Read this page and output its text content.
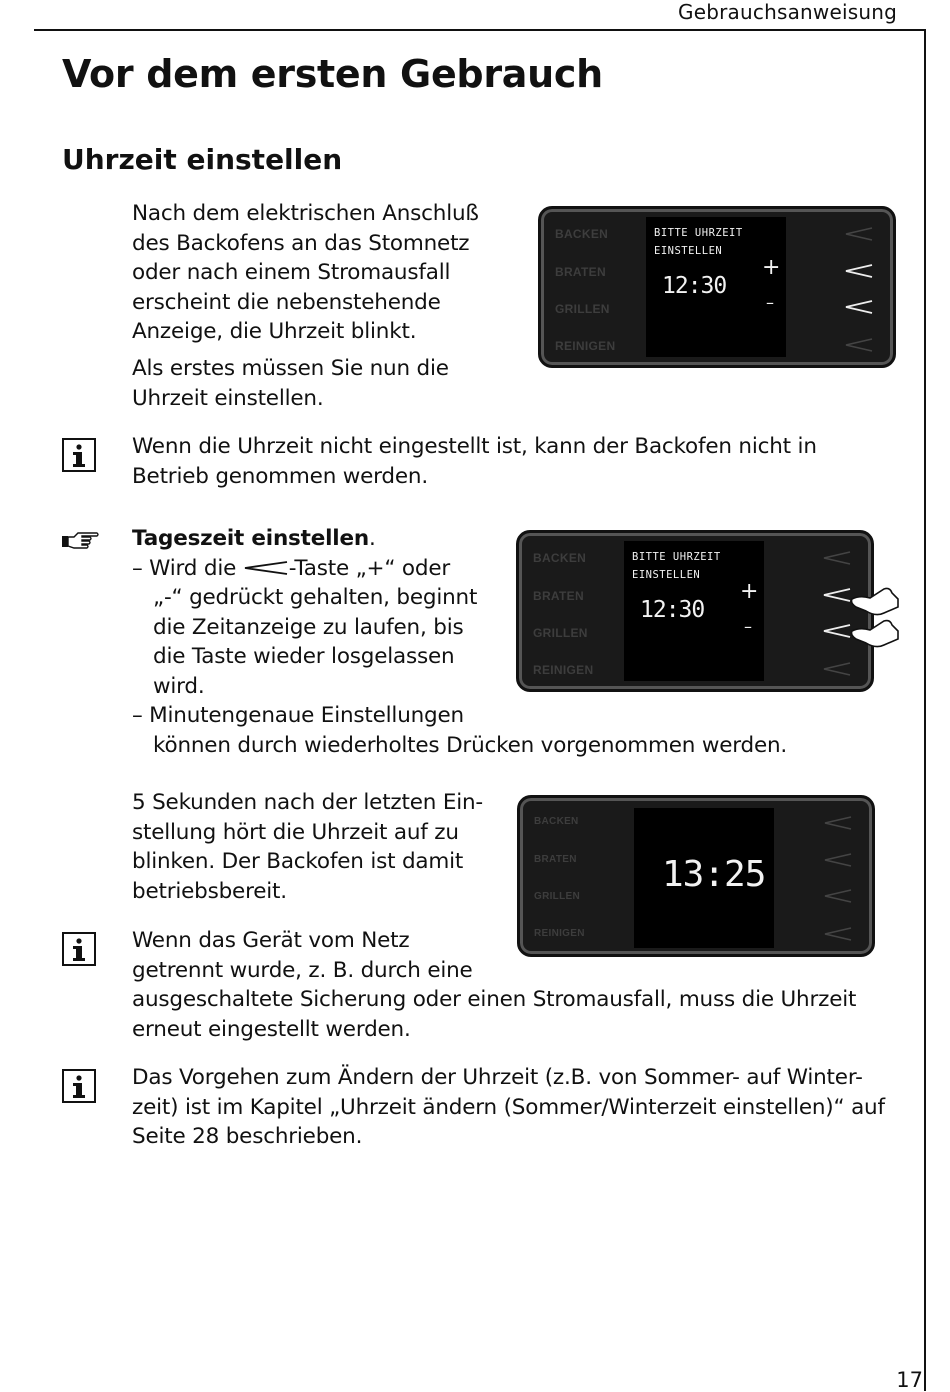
Gebrauchsanweisung
Vor dem ersten Gebrauch
Uhrzeit einstellen
Nach dem elektrischen Anschluß
des Backofens an das Stomnetz
oder nach einem Stromausfall
erscheint die nebenstehende
Anzeige, die Uhrzeit blinkt.
Als erstes müssen Sie nun die
Uhrzeit einstellen.
BACKEN
BRATEN
GRILLEN
REINIGEN
BITTE UHRZEIT
EINSTELLEN
12:30
+
–
Wenn die Uhrzeit nicht eingestellt ist, kann der Backofen nicht in
Betrieb genommen werden.
Tageszeit einstellen.
– Wird die -Taste „+“ oder
„-“ gedrückt gehalten, beginnt
die Zeitanzeige zu laufen, bis
die Taste wieder losgelassen
wird.
– Minutengenaue Einstellungen
können durch wiederholtes Drücken vorgenommen werden.
BACKEN
BRATEN
GRILLEN
REINIGEN
BITTE UHRZEIT
EINSTELLEN
12:30
+
–
5 Sekunden nach der letzten Ein-
stellung hört die Uhrzeit auf zu
blinken. Der Backofen ist damit
betriebsbereit.
BACKEN
BRATEN
GRILLEN
REINIGEN
13:25
Wenn das Gerät vom Netz
getrennt wurde, z. B. durch eine
ausgeschaltete Sicherung oder einen Stromausfall, muss die Uhrzeit
erneut eingestellt werden.
Das Vorgehen zum Ändern der Uhrzeit (z.B. von Sommer- auf Winter-
zeit) ist im Kapitel „Uhrzeit ändern (Sommer/Winterzeit einstellen)“ auf
Seite 28 beschrieben.
17
